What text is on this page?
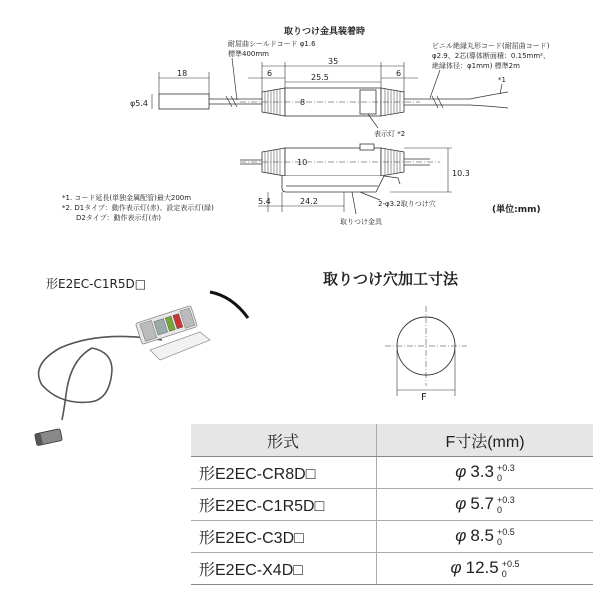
取りつけ金具装着時
耐屈曲シールドコード φ1.6
標準400mm
ビニル絶縁丸形コード(耐屈曲コード)
φ2.9、2芯(導体断面積：0.15mm²、
絶縁体径：φ1mm) 標準2m
18
φ5.4
35
6	25.5	6
8
*1
表示灯 *2
10
10.3
5.4	24.2	2-φ3.2取りつけ穴
取りつけ金具
(単位:mm)
*1. コード延長(単独金属配管)最大200m
*2. D1タイプ：動作表示灯(赤)、設定表示灯(緑)
D2タイプ：動作表示灯(赤)
F
形E2EC-C1R5D□	取りつけ穴加工寸法
形式	F寸法(mm)
形E2EC-CR8D□	φ 3.3 +0.3
0

形E2EC-C1R5D□	φ 5.7 +0.3
0

形E2EC-C3D□	φ 8.5 +0.5
0

形E2EC-X4D□	φ 12.5 +0.5
0
